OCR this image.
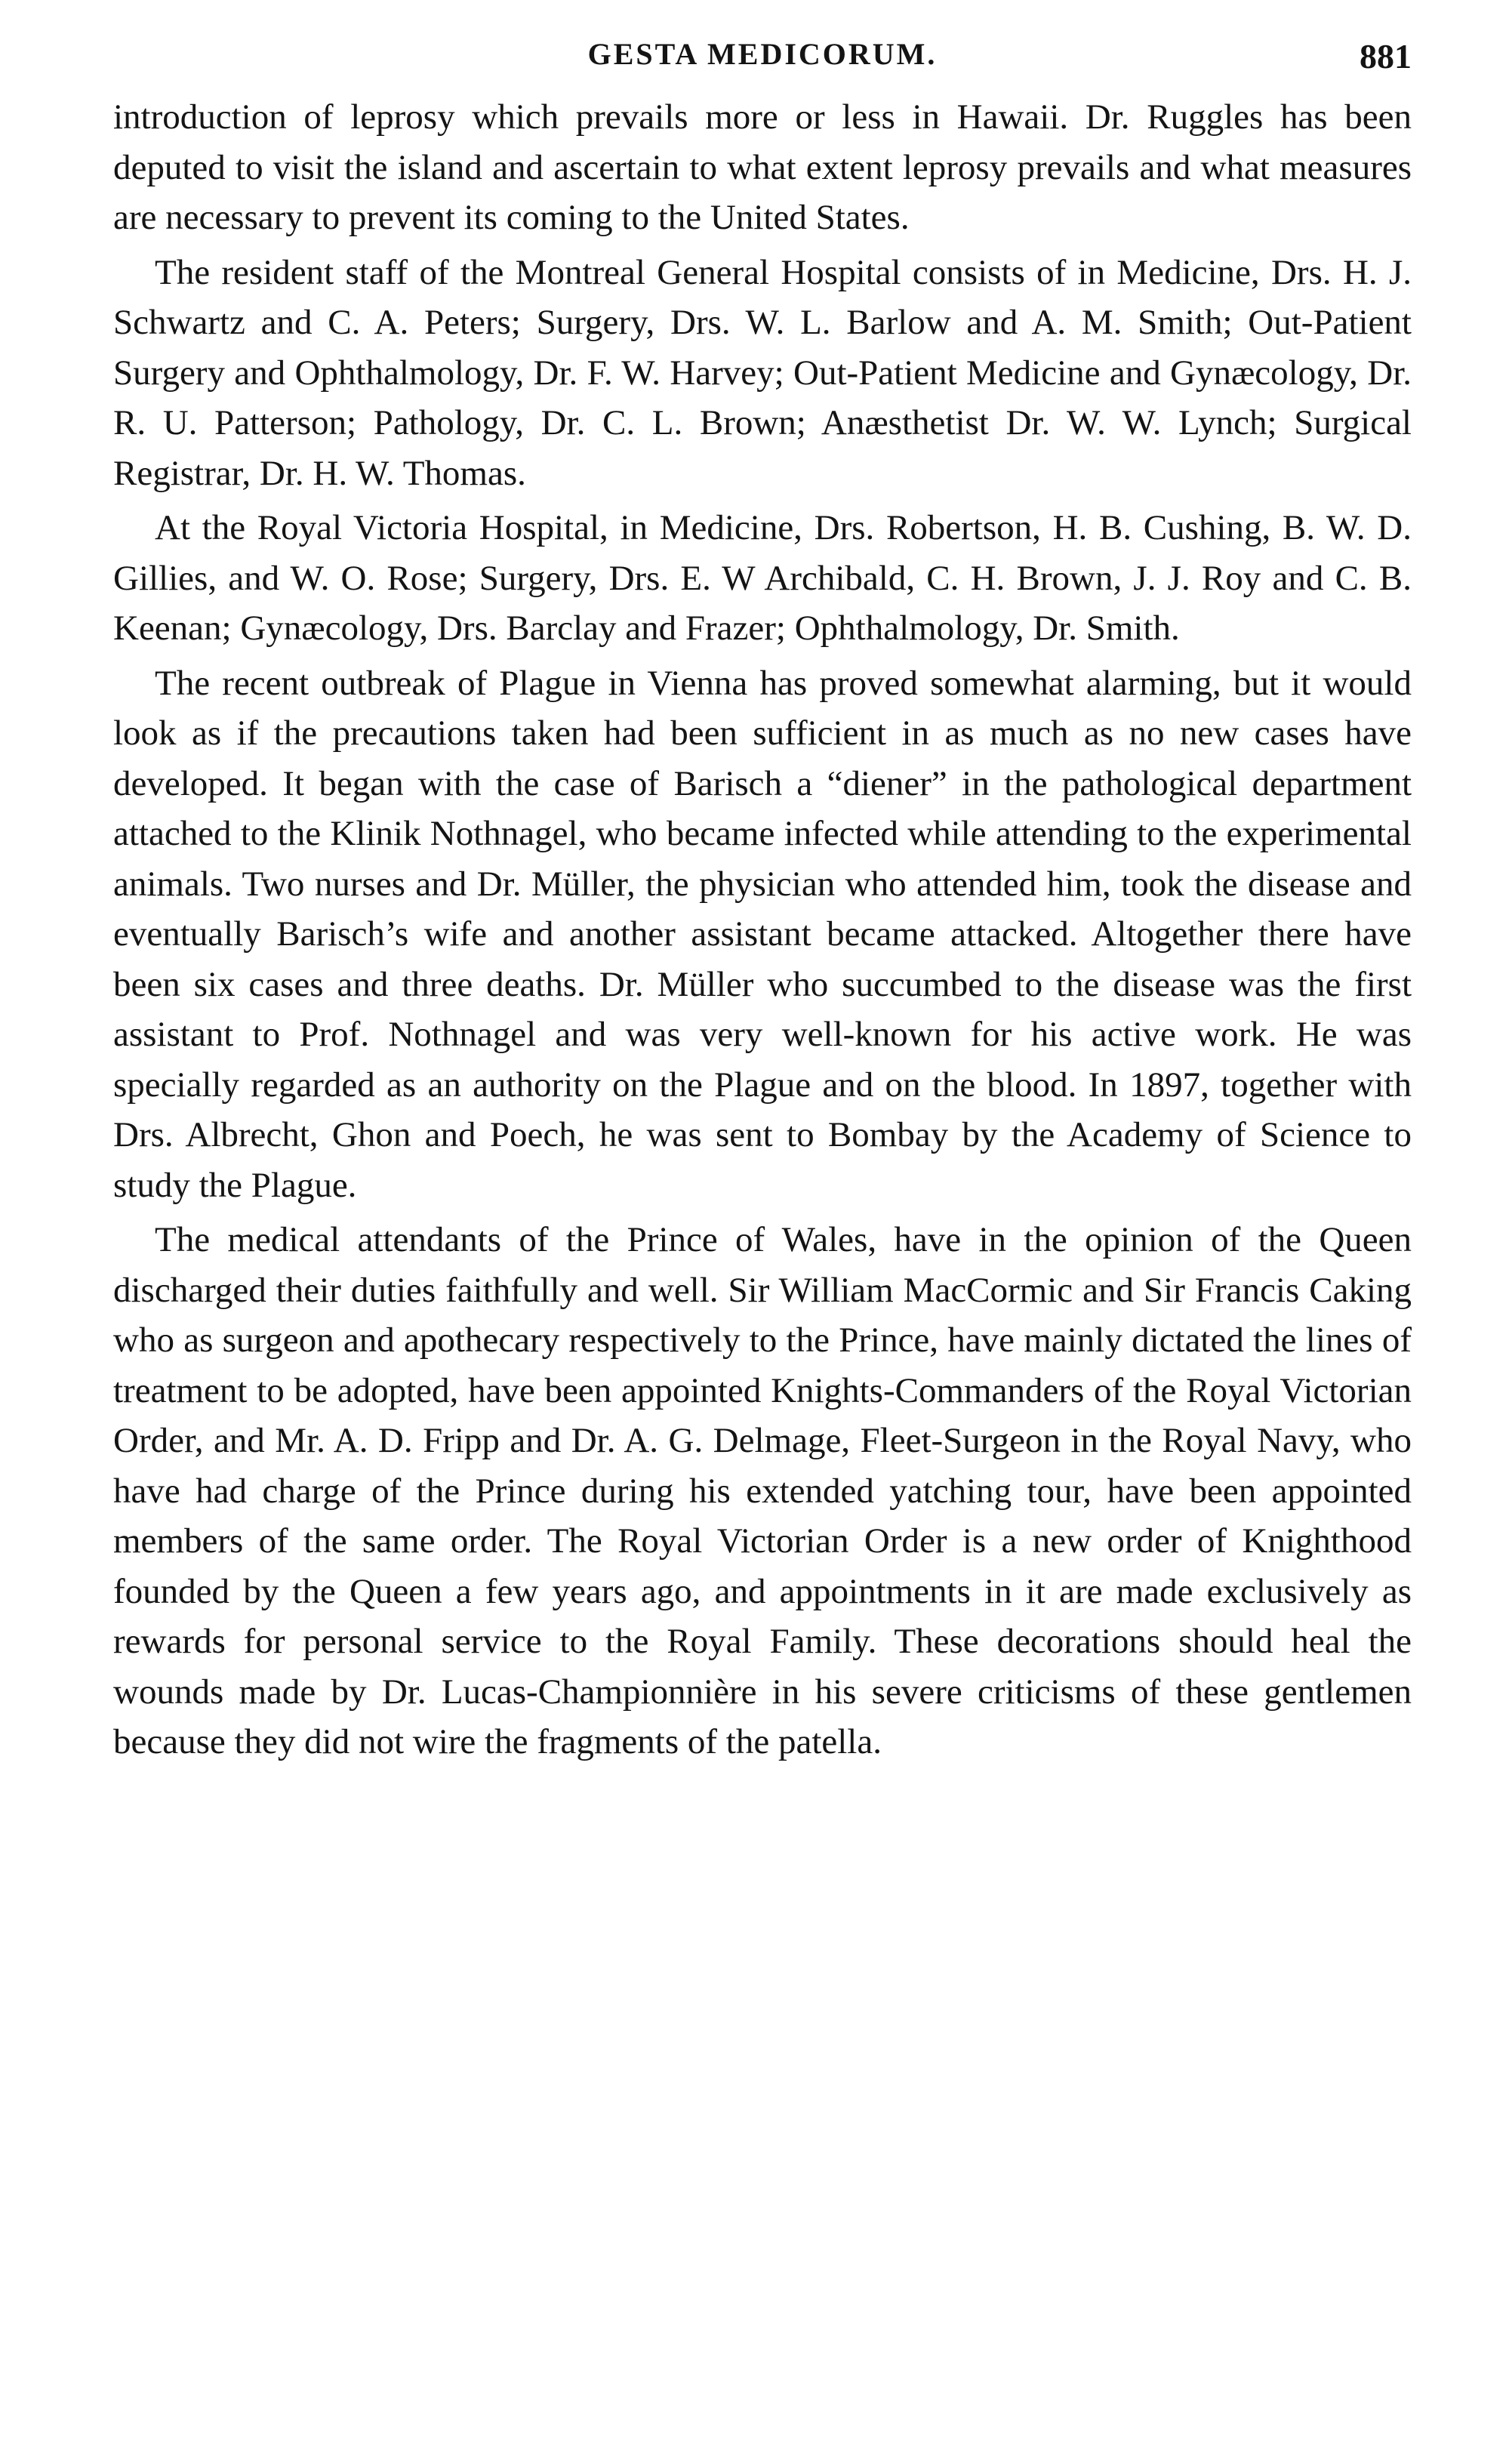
GESTA MEDICORUM.	881

introduction of leprosy which prevails more or less in Hawaii. Dr. Ruggles has been deputed to visit the island and ascertain to what extent leprosy prevails and what measures are necessary to prevent its coming to the United States.

The resident staff of the Montreal General Hospital consists of in Medicine, Drs. H. J. Schwartz and C. A. Peters; Surgery, Drs. W. L. Barlow and A. M. Smith; Out-Patient Surgery and Ophthalmology, Dr. F. W. Harvey; Out-Patient Medicine and Gynæcology, Dr. R. U. Patterson; Pathology, Dr. C. L. Brown; Anæsthetist Dr. W. W. Lynch; Surgical Registrar, Dr. H. W. Thomas.

At the Royal Victoria Hospital, in Medicine, Drs. Robertson, H. B. Cushing, B. W. D. Gillies, and W. O. Rose; Surgery, Drs. E. W Archibald, C. H. Brown, J. J. Roy and C. B. Keenan; Gynæcology, Drs. Barclay and Frazer; Ophthalmology, Dr. Smith.

The recent outbreak of Plague in Vienna has proved somewhat alarming, but it would look as if the precautions taken had been sufficient in as much as no new cases have developed. It began with the case of Barisch a “diener” in the pathological department attached to the Klinik Nothnagel, who became infected while attending to the experimental animals. Two nurses and Dr. Müller, the physician who attended him, took the disease and eventually Barisch’s wife and another assistant became attacked. Altogether there have been six cases and three deaths. Dr. Müller who succumbed to the disease was the first assistant to Prof. Nothnagel and was very well-known for his active work. He was specially regarded as an authority on the Plague and on the blood. In 1897, together with Drs. Albrecht, Ghon and Poech, he was sent to Bombay by the Academy of Science to study the Plague.

The medical attendants of the Prince of Wales, have in the opinion of the Queen discharged their duties faithfully and well. Sir William MacCormic and Sir Francis Caking who as surgeon and apothecary respectively to the Prince, have mainly dictated the lines of treatment to be adopted, have been appointed Knights-Commanders of the Royal Victorian Order, and Mr. A. D. Fripp and Dr. A. G. Delmage, Fleet-Surgeon in the Royal Navy, who have had charge of the Prince during his extended yatching tour, have been appointed members of the same order. The Royal Victorian Order is a new order of Knighthood founded by the Queen a few years ago, and appointments in it are made exclusively as rewards for personal service to the Royal Family. These decorations should heal the wounds made by Dr. Lucas-Championnière in his severe criticisms of these gentlemen because they did not wire the fragments of the patella.
